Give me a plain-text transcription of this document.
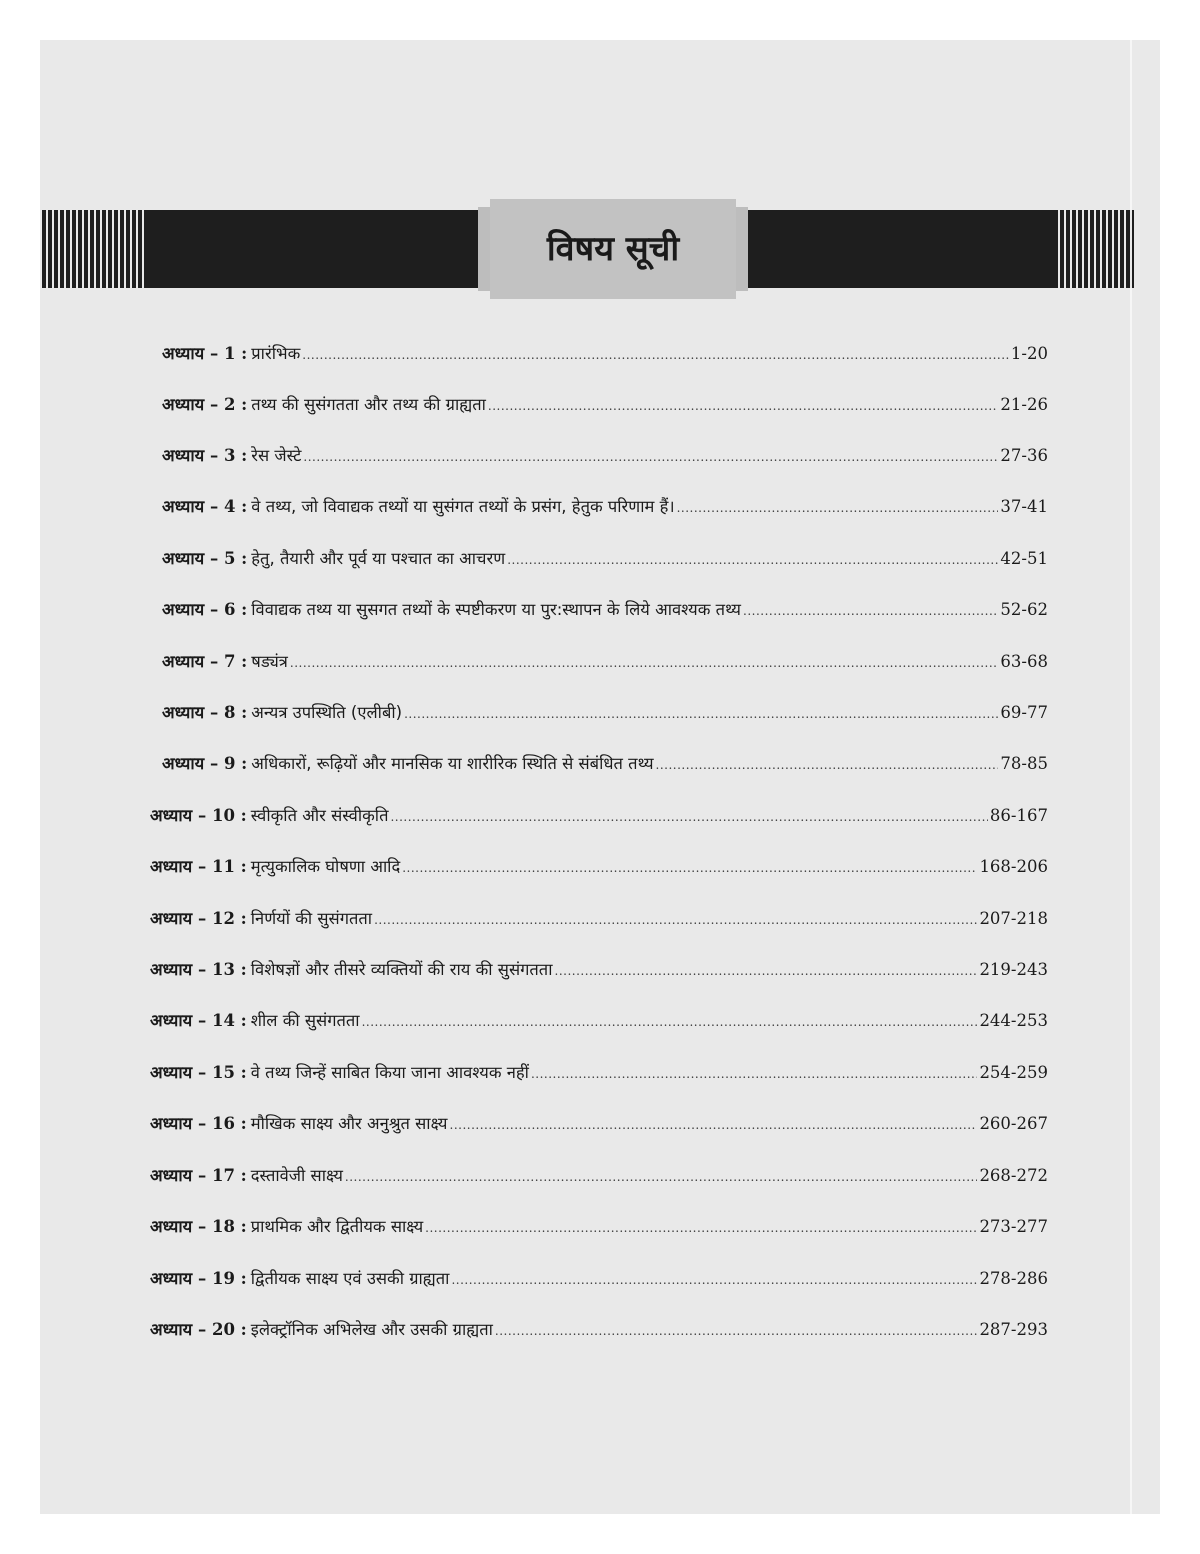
विषय सूची
अध्याय – 1 : प्रारंभिक .....	1-20
अध्याय – 2 : तथ्य की सुसंगतता और तथ्य की ग्राह्यता .....	21-26
अध्याय – 3 : रेस जेस्टे .....	27-36
अध्याय – 4 : वे तथ्य, जो विवाद्यक तथ्यों या सुसंगत तथ्यों के प्रसंग, हेतुक परिणाम हैं। .....	37-41
अध्याय – 5 : हेतु, तैयारी और पूर्व या पश्चात का आचरण .....	42-51
अध्याय – 6 : विवाद्यक तथ्य या सुसगत तथ्यों के स्पष्टीकरण या पुर:स्थापन के लिये आवश्यक तथ्य .....	52-62
अध्याय – 7 : षड्यंत्र .....	63-68
अध्याय – 8 : अन्यत्र उपस्थिति (एलीबी) .....	69-77
अध्याय – 9 : अधिकारों, रूढ़ियों और मानसिक या शारीरिक स्थिति से संबंधित तथ्य .....	78-85
अध्याय – 10 : स्वीकृति और संस्वीकृति .....	86-167
अध्याय – 11 : मृत्युकालिक घोषणा आदि .....	168-206
अध्याय – 12 : निर्णयों की सुसंगतता .....	207-218
अध्याय – 13 : विशेषज्ञों और तीसरे व्यक्तियों की राय की सुसंगतता .....	219-243
अध्याय – 14 : शील की सुसंगतता .....	244-253
अध्याय – 15 : वे तथ्य जिन्हें साबित किया जाना आवश्यक नहीं .....	254-259
अध्याय – 16 : मौखिक साक्ष्य और अनुश्रुत साक्ष्य .....	260-267
अध्याय – 17 : दस्तावेजी साक्ष्य .....	268-272
अध्याय – 18 : प्राथमिक और द्वितीयक साक्ष्य .....	273-277
अध्याय – 19 : द्वितीयक साक्ष्य एवं उसकी ग्राह्यता .....	278-286
अध्याय – 20 : इलेक्ट्रॉनिक अभिलेख और उसकी ग्राह्यता .....	287-293
